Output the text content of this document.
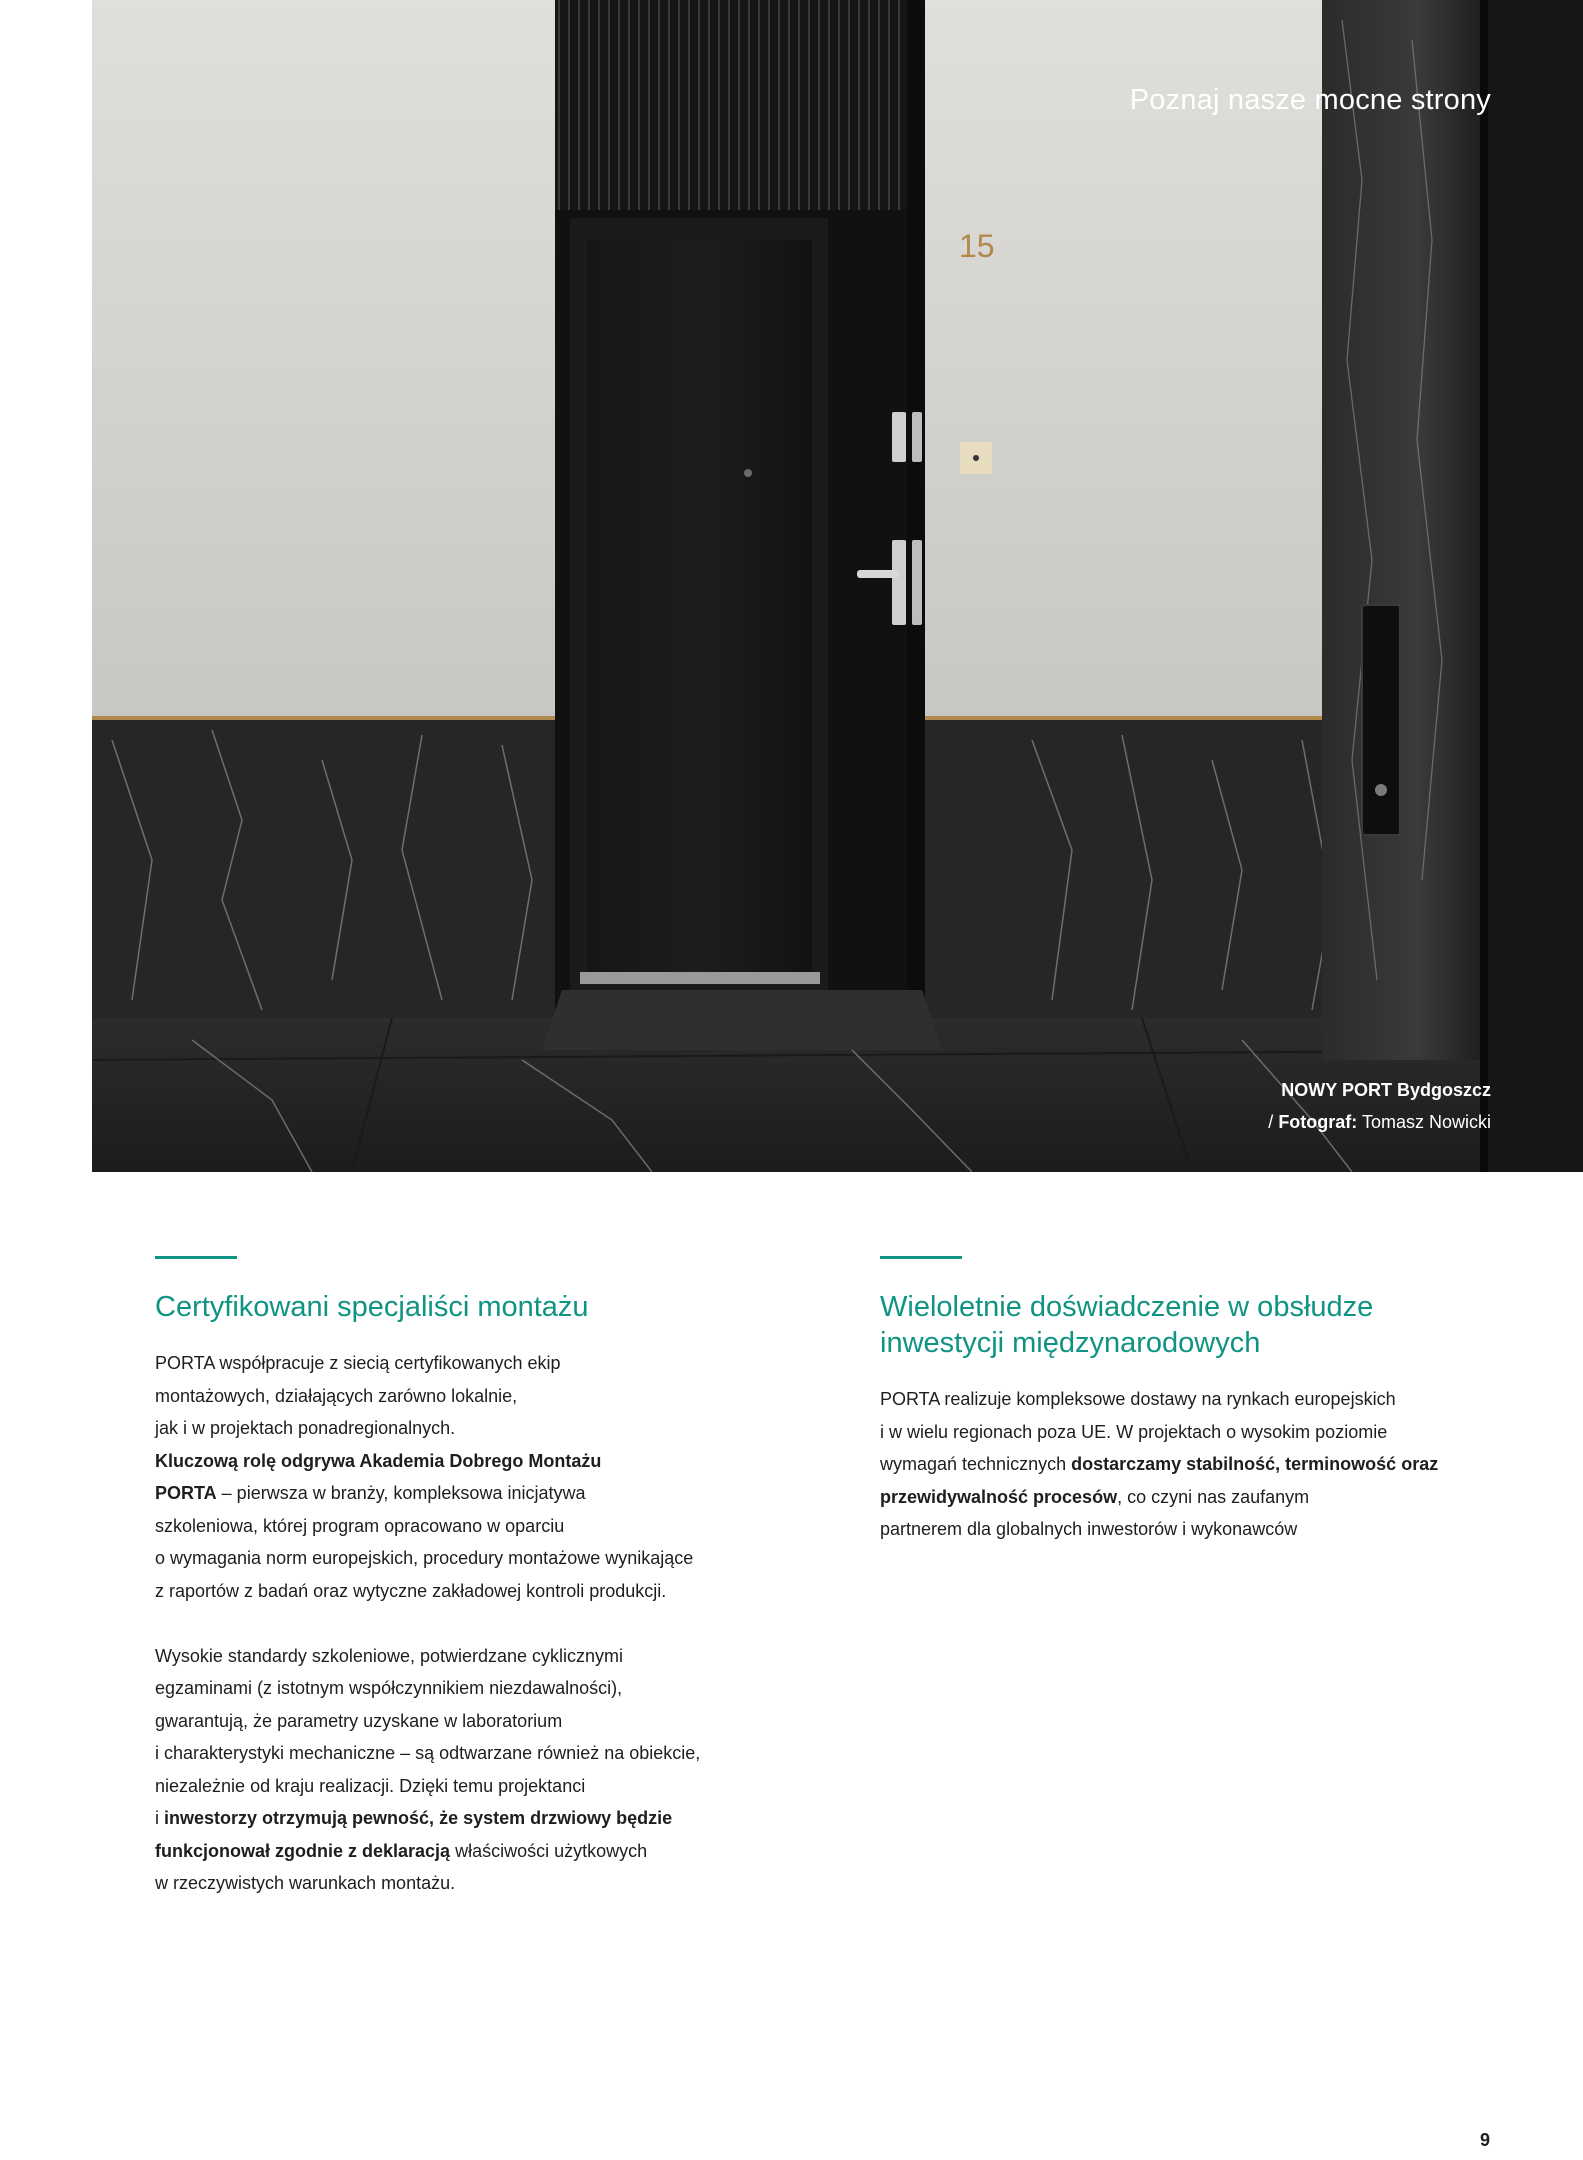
15
Poznaj nasze mocne strony
NOWY PORT Bydgoszcz
/ Fotograf: Tomasz Nowicki
Certyfikowani specjaliści montażu
PORTA współpracuje z siecią certyfikowanych ekip
montażowych, działających zarówno lokalnie,
jak i w projektach ponadregionalnych.
Kluczową rolę odgrywa Akademia Dobrego Montażu
PORTA – pierwsza w branży, kompleksowa inicjatywa
szkoleniowa, której program opracowano w oparciu
o wymagania norm europejskich, procedury montażowe wynikające
z raportów z badań oraz wytyczne zakładowej kontroli produkcji.
Wysokie standardy szkoleniowe, potwierdzane cyklicznymi
egzaminami (z istotnym współczynnikiem niezdawalności),
gwarantują, że parametry uzyskane w laboratorium
i charakterystyki mechaniczne – są odtwarzane również na obiekcie,
niezależnie od kraju realizacji. Dzięki temu projektanci
i inwestorzy otrzymują pewność, że system drzwiowy będzie
funkcjonował zgodnie z deklaracją właściwości użytkowych
w rzeczywistych warunkach montażu.
Wieloletnie doświadczenie w obsłudze
inwestycji międzynarodowych
PORTA realizuje kompleksowe dostawy na rynkach europejskich
i w wielu regionach poza UE. W projektach o wysokim poziomie
wymagań technicznych dostarczamy stabilność, terminowość oraz
przewidywalność procesów, co czyni nas zaufanym
partnerem dla globalnych inwestorów i wykonawców
9
